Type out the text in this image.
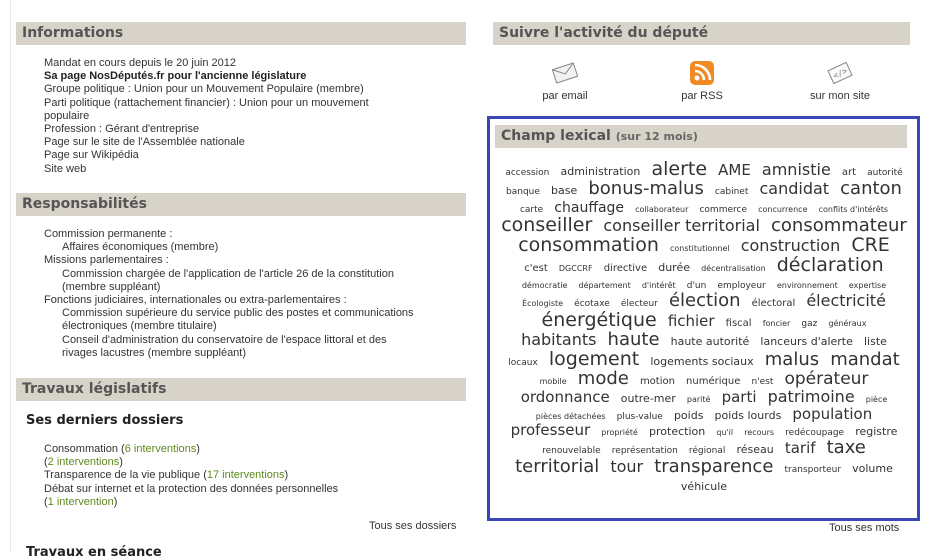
Informations
Mandat en cours depuis le 20 juin 2012
Sa page NosDéputés.fr pour l'ancienne législature
Groupe politique : Union pour un Mouvement Populaire (membre)
Parti politique (rattachement financier) : Union pour un mouvement
populaire
Profession : Gérant d'entreprise
Page sur le site de l'Assemblée nationale
Page sur Wikipédia
Site web
Responsabilités
Commission permanente :
Affaires économiques (membre)
Missions parlementaires :
Commission chargée de l'application de l'article 26 de la constitution
(membre suppléant)
Fonctions judiciaires, internationales ou extra-parlementaires :
Commission supérieure du service public des postes et communications
électroniques (membre titulaire)
Conseil d'administration du conservatoire de l'espace littoral et des
rivages lacustres (membre suppléant)
Travaux législatifs
Ses derniers dossiers
Consommation (6 interventions)
(2 interventions)
Transparence de la vie publique (17 interventions)
Débat sur internet et la protection des données personnelles
(1 intervention)
Tous ses dossiers
Travaux en séance
Suivre l'activité du député
par email	par RSS
</>
sur mon site
Champ lexical (sur 12 mois)
accession administration alerte AME amnistie art autorité banque base bonus-malus cabinet candidat canton carte chauffage collaborateur commerce concurrence conflits d'intérêts conseiller conseiller territorial consommateur consommation constitutionnel construction CRE c'est DGCCRF directive durée décentralisation déclaration démocratie département d'intérêt d'un employeur environnement expertise Écologiste écotaxe électeur élection électoral électricité énergétique fichier fiscal foncier gaz généraux habitants haute haute autorité lanceurs d'alerte liste locaux logement logements sociaux malus mandat mobile mode motion numérique n'est opérateur ordonnance outre-mer parité parti patrimoine pièce pièces détachées plus-value poids poids lourds population professeur propriété protection qu'il recours redécoupage registre renouvelable représentation régional réseau tarif taxe territorial tour transparence transporteur volume véhicule
Tous ses mots
